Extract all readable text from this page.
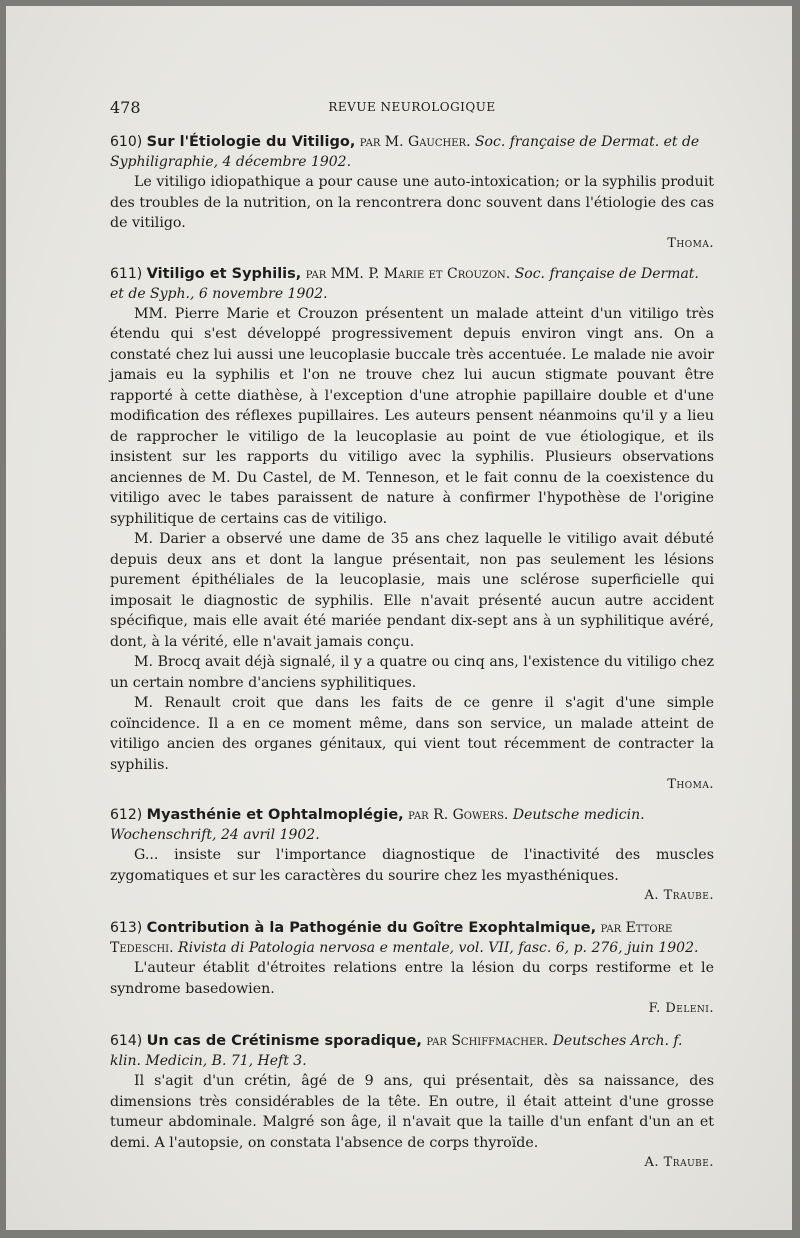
478	REVUE NEUROLOGIQUE
610) Sur l'Étiologie du Vitiligo, par M. Gaucher. Soc. française de Dermat. et de Syphiligraphie, 4 décembre 1902.

Le vitiligo idiopathique a pour cause une auto-intoxication; or la syphilis produit des troubles de la nutrition, on la rencontrera donc souvent dans l'étiologie des cas de vitiligo.

Thoma.
611) Vitiligo et Syphilis, par MM. P. Marie et Crouzon. Soc. française de Dermat. et de Syph., 6 novembre 1902.

MM. Pierre Marie et Crouzon présentent un malade atteint d'un vitiligo très étendu qui s'est développé progressivement depuis environ vingt ans. On a constaté chez lui aussi une leucoplasie buccale très accentuée. Le malade nie avoir jamais eu la syphilis et l'on ne trouve chez lui aucun stigmate pouvant être rapporté à cette diathèse, à l'exception d'une atrophie papillaire double et d'une modification des réflexes pupillaires. Les auteurs pensent néanmoins qu'il y a lieu de rapprocher le vitiligo de la leucoplasie au point de vue étiologique, et ils insistent sur les rapports du vitiligo avec la syphilis. Plusieurs observations anciennes de M. Du Castel, de M. Tenneson, et le fait connu de la coexistence du vitiligo avec le tabes paraissent de nature à confirmer l'hypothèse de l'origine syphilitique de certains cas de vitiligo.

M. Darier a observé une dame de 35 ans chez laquelle le vitiligo avait débuté depuis deux ans et dont la langue présentait, non pas seulement les lésions purement épithéliales de la leucoplasie, mais une sclérose superficielle qui imposait le diagnostic de syphilis. Elle n'avait présenté aucun autre accident spécifique, mais elle avait été mariée pendant dix-sept ans à un syphilitique avéré, dont, à la vérité, elle n'avait jamais conçu.

M. Brocq avait déjà signalé, il y a quatre ou cinq ans, l'existence du vitiligo chez un certain nombre d'anciens syphilitiques.

M. Renault croit que dans les faits de ce genre il s'agit d'une simple coïncidence. Il a en ce moment même, dans son service, un malade atteint de vitiligo ancien des organes génitaux, qui vient tout récemment de contracter la syphilis.

Thoma.
612) Myasthénie et Ophtalmoplégie, par R. Gowers. Deutsche medicin. Wochenschrift, 24 avril 1902.

G... insiste sur l'importance diagnostique de l'inactivité des muscles zygomatiques et sur les caractères du sourire chez les myasthéniques.

A. Traube.
613) Contribution à la Pathogénie du Goître Exophtalmique, par Ettore Tedeschi. Rivista di Patologia nervosa e mentale, vol. VII, fasc. 6, p. 276, juin 1902.

L'auteur établit d'étroites relations entre la lésion du corps restiforme et le syndrome basedowien.

F. Deleni.
614) Un cas de Crétinisme sporadique, par Schiffmacher. Deutsches Arch. f. klin. Medicin, B. 71, Heft 3.

Il s'agit d'un crétin, âgé de 9 ans, qui présentait, dès sa naissance, des dimensions très considérables de la tête. En outre, il était atteint d'une grosse tumeur abdominale. Malgré son âge, il n'avait que la taille d'un enfant d'un an et demi. A l'autopsie, on constata l'absence de corps thyroïde.

A. Traube.
